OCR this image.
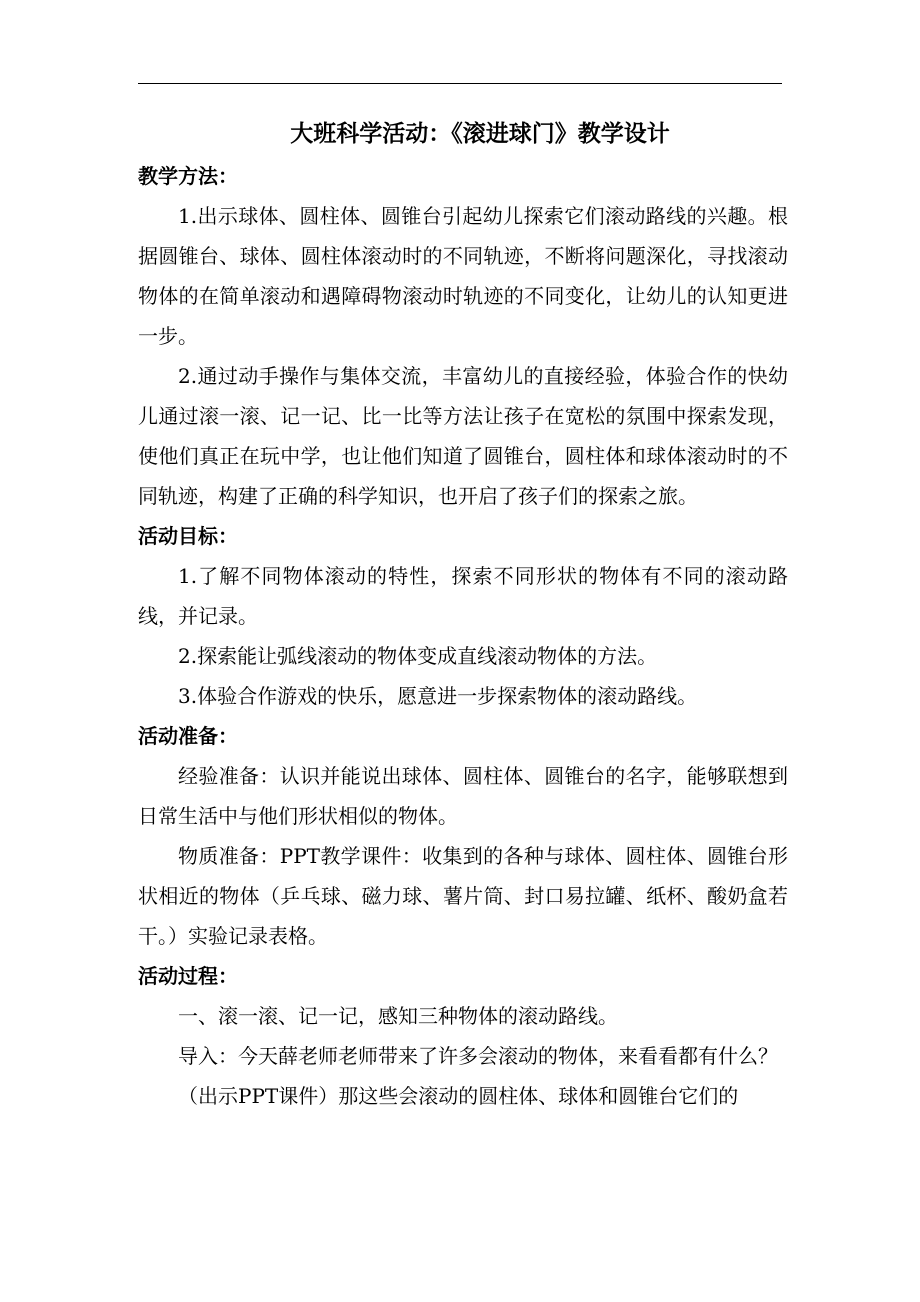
大班科学活动：《滚进球门》教学设计
教学方法：

1.出示球体、圆柱体、圆锥台引起幼儿探索它们滚动路线的兴趣。根据圆锥台、球体、圆柱体滚动时的不同轨迹，不断将问题深化，寻找滚动物体的在简单滚动和遇障碍物滚动时轨迹的不同变化，让幼儿的认知更进一步。

2.通过动手操作与集体交流，丰富幼儿的直接经验，体验合作的快幼儿通过滚一滚、记一记、比一比等方法让孩子在宽松的氛围中探索发现，使他们真正在玩中学，也让他们知道了圆锥台，圆柱体和球体滚动时的不同轨迹，构建了正确的科学知识，也开启了孩子们的探索之旅。

活动目标：

1.了解不同物体滚动的特性，探索不同形状的物体有不同的滚动路线，并记录。

2.探索能让弧线滚动的物体变成直线滚动物体的方法。

3.体验合作游戏的快乐，愿意进一步探索物体的滚动路线。

活动准备：

经验准备：认识并能说出球体、圆柱体、圆锥台的名字，能够联想到日常生活中与他们形状相似的物体。

物质准备：PPT教学课件：收集到的各种与球体、圆柱体、圆锥台形状相近的物体（乒乓球、磁力球、薯片筒、封口易拉罐、纸杯、酸奶盒若干。）实验记录表格。

活动过程：

一、滚一滚、记一记，感知三种物体的滚动路线。

导入：今天薛老师老师带来了许多会滚动的物体，来看看都有什么？

（出示PPT课件）那这些会滚动的圆柱体、球体和圆锥台它们的
